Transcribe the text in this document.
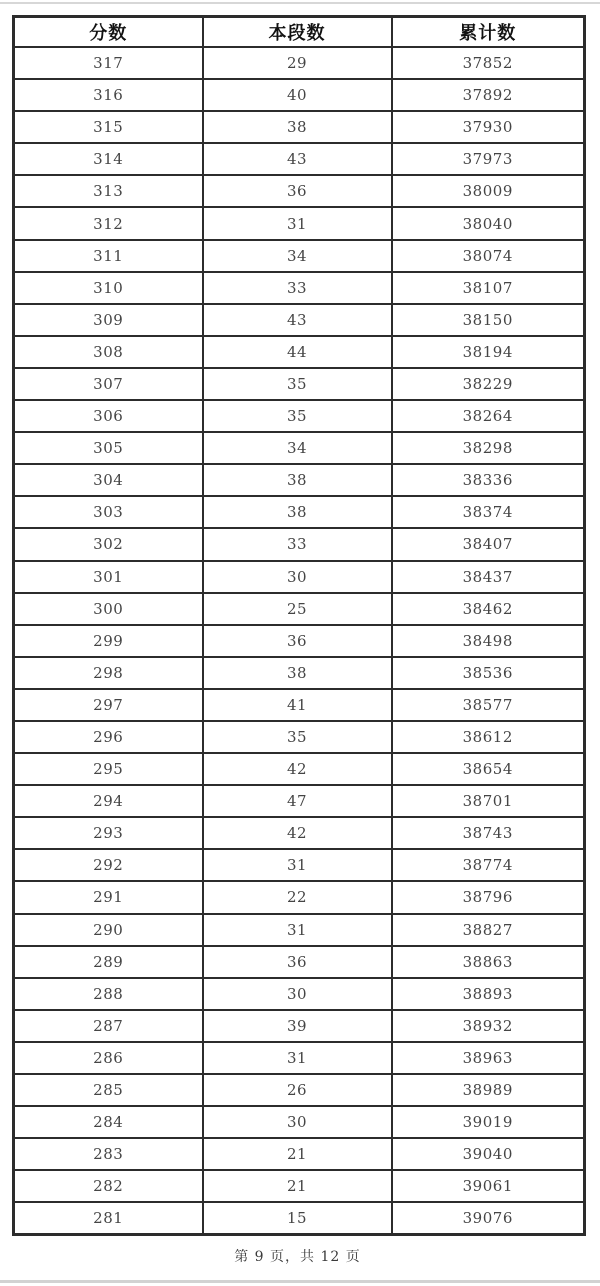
分数	本段数	累计数
317	29	37852
316	40	37892
315	38	37930
314	43	37973
313	36	38009
312	31	38040
311	34	38074
310	33	38107
309	43	38150
308	44	38194
307	35	38229
306	35	38264
305	34	38298
304	38	38336
303	38	38374
302	33	38407
301	30	38437
300	25	38462
299	36	38498
298	38	38536
297	41	38577
296	35	38612
295	42	38654
294	47	38701
293	42	38743
292	31	38774
291	22	38796
290	31	38827
289	36	38863
288	30	38893
287	39	38932
286	31	38963
285	26	38989
284	30	39019
283	21	39040
282	21	39061
281	15	39076
第 9 页，共 12 页
